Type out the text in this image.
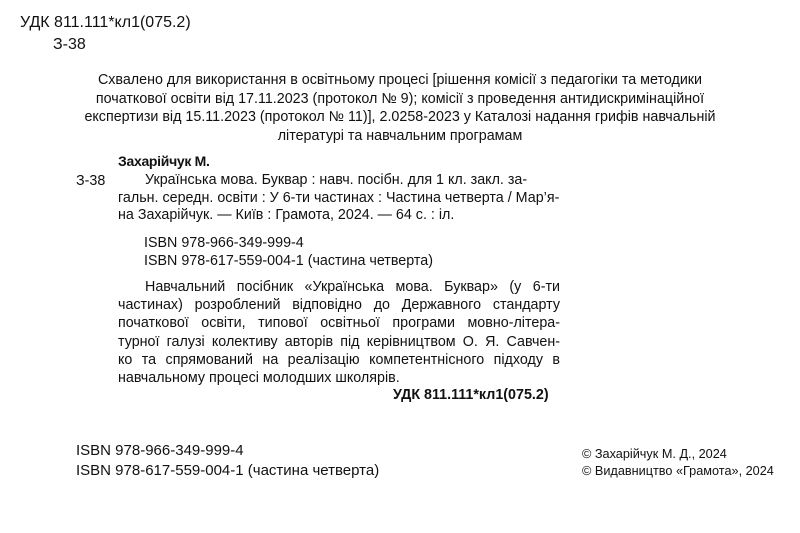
УДК 811.111*кл1(075.2)
З-38
Схвалено для використання в освітньому процесі [рішення комісії з педагогіки та методики
початкової освіти від 17.11.2023 (протокол № 9); комісії з проведення антидискримінаційної
експертизи від 15.11.2023 (протокол № 11)], 2.0258-2023 у Каталозі надання грифів навчальній
літературі та навчальним програмам
Захарійчук М.
З-38	Українська мова. Буквар : навч. посібн. для 1 кл. закл. за-
гальн. середн. освіти : У 6-ти частинах : Частина четверта / Мар’я-
на Захарійчук. — Київ : Грамота, 2024. — 64 с. : іл.
ISBN 978-966-349-999-4
ISBN 978-617-559-004-1 (частина четверта)
Навчальний посібник «Українська мова. Буквар» (у 6-ти
частинах) розроблений відповідно до Державного стандарту
початкової освіти, типової освітньої програми мовно-літера-
турної галузі колективу авторів під керівництвом О. Я. Савчен-
ко та спрямований на реалізацію компетентнісного підходу в
навчальному процесі молодших школярів.
УДК 811.111*кл1(075.2)
ISBN 978-966-349-999-4
ISBN 978-617-559-004-1 (частина четверта)
© Захарійчук М. Д., 2024
© Видавництво «Грамота», 2024
